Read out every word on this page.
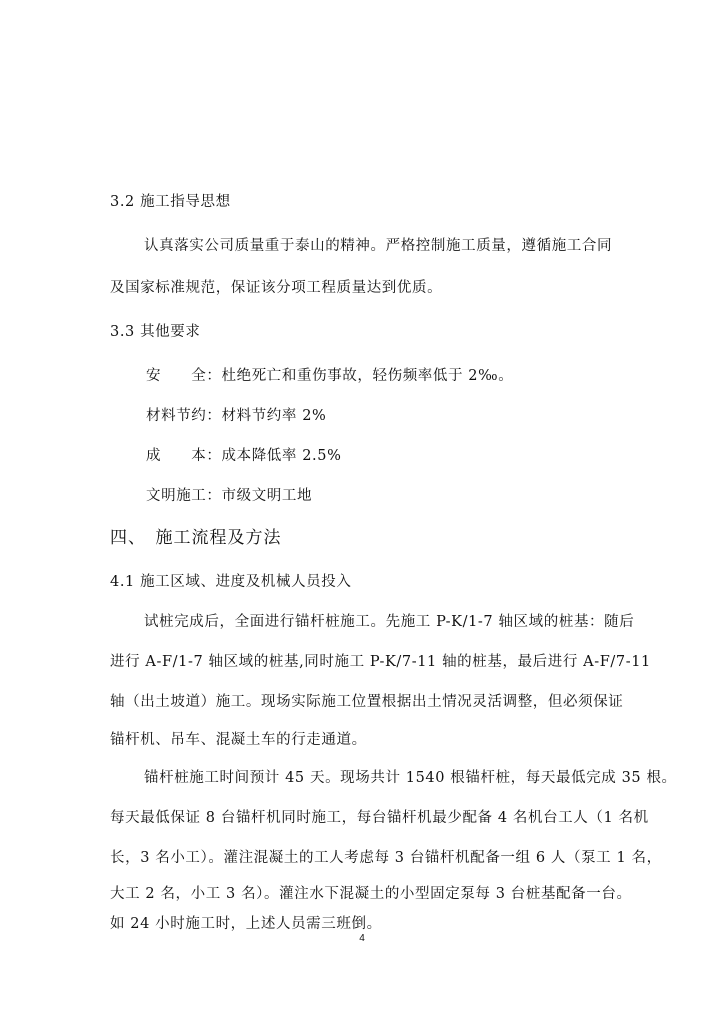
3.2 施工指导思想
认真落实公司质量重于泰山的精神。严格控制施工质量，遵循施工合同
及国家标准规范，保证该分项工程质量达到优质。
3.3 其他要求
安　　全：杜绝死亡和重伤事故，轻伤频率低于 2‰。
材料节约：材料节约率 2%
成　　本：成本降低率 2.5%
文明施工：市级文明工地
四、　施工流程及方法
4.1 施工区域、进度及机械人员投入
试桩完成后，全面进行锚杆桩施工。先施工 P-K/1-7 轴区域的桩基：随后
进行 A-F/1-7 轴区域的桩基,同时施工 P-K/7-11 轴的桩基，最后进行 A-F/7-11
轴（出土坡道）施工。现场实际施工位置根据出土情况灵活调整，但必须保证
锚杆机、吊车、混凝土车的行走通道。
锚杆桩施工时间预计 45 天。现场共计 1540 根锚杆桩，每天最低完成 35 根。
每天最低保证 8 台锚杆机同时施工，每台锚杆机最少配备 4 名机台工人（1 名机
长，3 名小工）。灌注混凝土的工人考虑每 3 台锚杆机配备一组 6 人（泵工 1 名，
大工 2 名，小工 3 名）。灌注水下混凝土的小型固定泵每 3 台桩基配备一台。
如 24 小时施工时，上述人员需三班倒。
4
